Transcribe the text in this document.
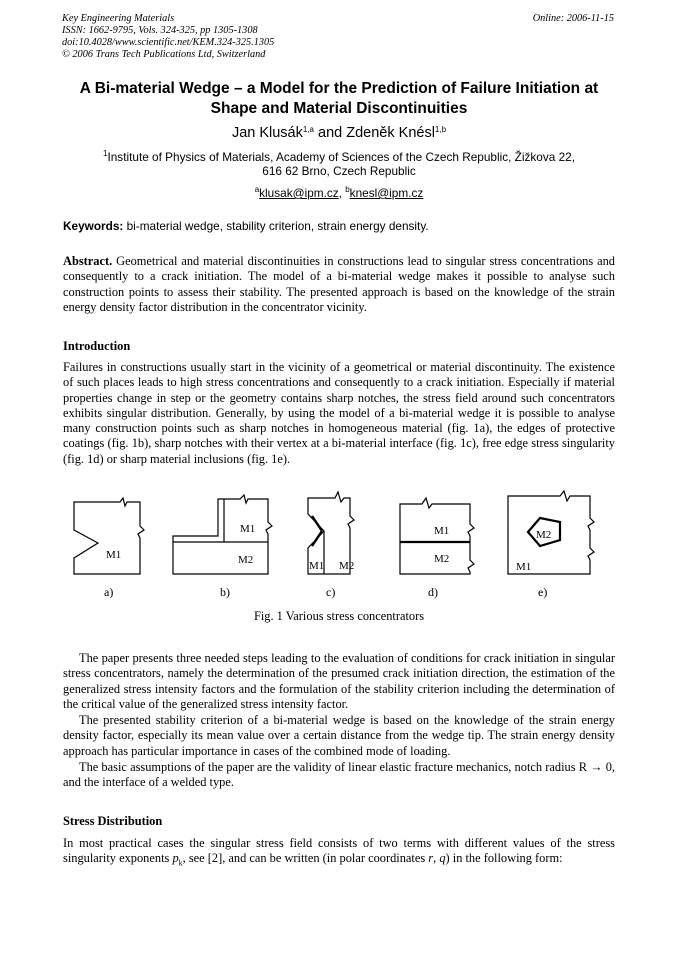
Key Engineering Materials
ISSN: 1662-9795, Vols. 324-325, pp 1305-1308
doi:10.4028/www.scientific.net/KEM.324-325.1305
© 2006 Trans Tech Publications Ltd, Switzerland
Online: 2006-11-15
A Bi-material Wedge – a Model for the Prediction of Failure Initiation at
Shape and Material Discontinuities
Jan Klusák$^{1,a}$ and Zdeněk Knésl$^{1,b}$
$^1$Institute of Physics of Materials, Academy of Sciences of the Czech Republic, Žižkova 22,
616 62 Brno, Czech Republic
$^a$klusak@ipm.cz, $^b$knesl@ipm.cz
Keywords: bi-material wedge, stability criterion, strain energy density.

Abstract. Geometrical and material discontinuities in constructions lead to singular stress concentrations and consequently to a crack initiation. The model of a bi-material wedge makes it possible to analyse such construction points to assess their stability. The presented approach is based on the knowledge of the strain energy density factor distribution in the concentrator vicinity.

Introduction

Failures in constructions usually start in the vicinity of a geometrical or material discontinuity. The existence of such places leads to high stress concentrations and consequently to a crack initiation. Especially if material properties change in step or the geometry contains sharp notches, the stress field around such concentrators exhibits singular distribution. Generally, by using the model of a bi-material wedge it is possible to analyse many construction points such as sharp notches in homogeneous material (fig. 1a), the edges of protective coatings (fig. 1b), sharp notches with their vertex at a bi-material interface (fig. 1c), free edge stress singularity (fig. 1d) or sharp material inclusions (fig. 1e).

M1
M1
M2	M1 M2
M1
M2
M1
M2
a)	b)	c)	d)	e)
Fig. 1 Various stress concentrators

The paper presents three needed steps leading to the evaluation of conditions for crack initiation in singular stress concentrators, namely the determination of the presumed crack initiation direction, the estimation of the generalized stress intensity factors and the formulation of the stability criterion including the determination of the critical value of the generalized stress intensity factor.

The presented stability criterion of a bi-material wedge is based on the knowledge of the strain energy density factor, especially its mean value over a certain distance from the wedge tip. The strain energy density approach has particular importance in cases of the combined mode of loading.

The basic assumptions of the paper are the validity of linear elastic fracture mechanics, notch radius R → 0, and the interface of a welded type.

Stress Distribution

In most practical cases the singular stress field consists of two terms with different values of the stress singularity exponents $p_k$, see [2], and can be written (in polar coordinates r, q) in the following form:
